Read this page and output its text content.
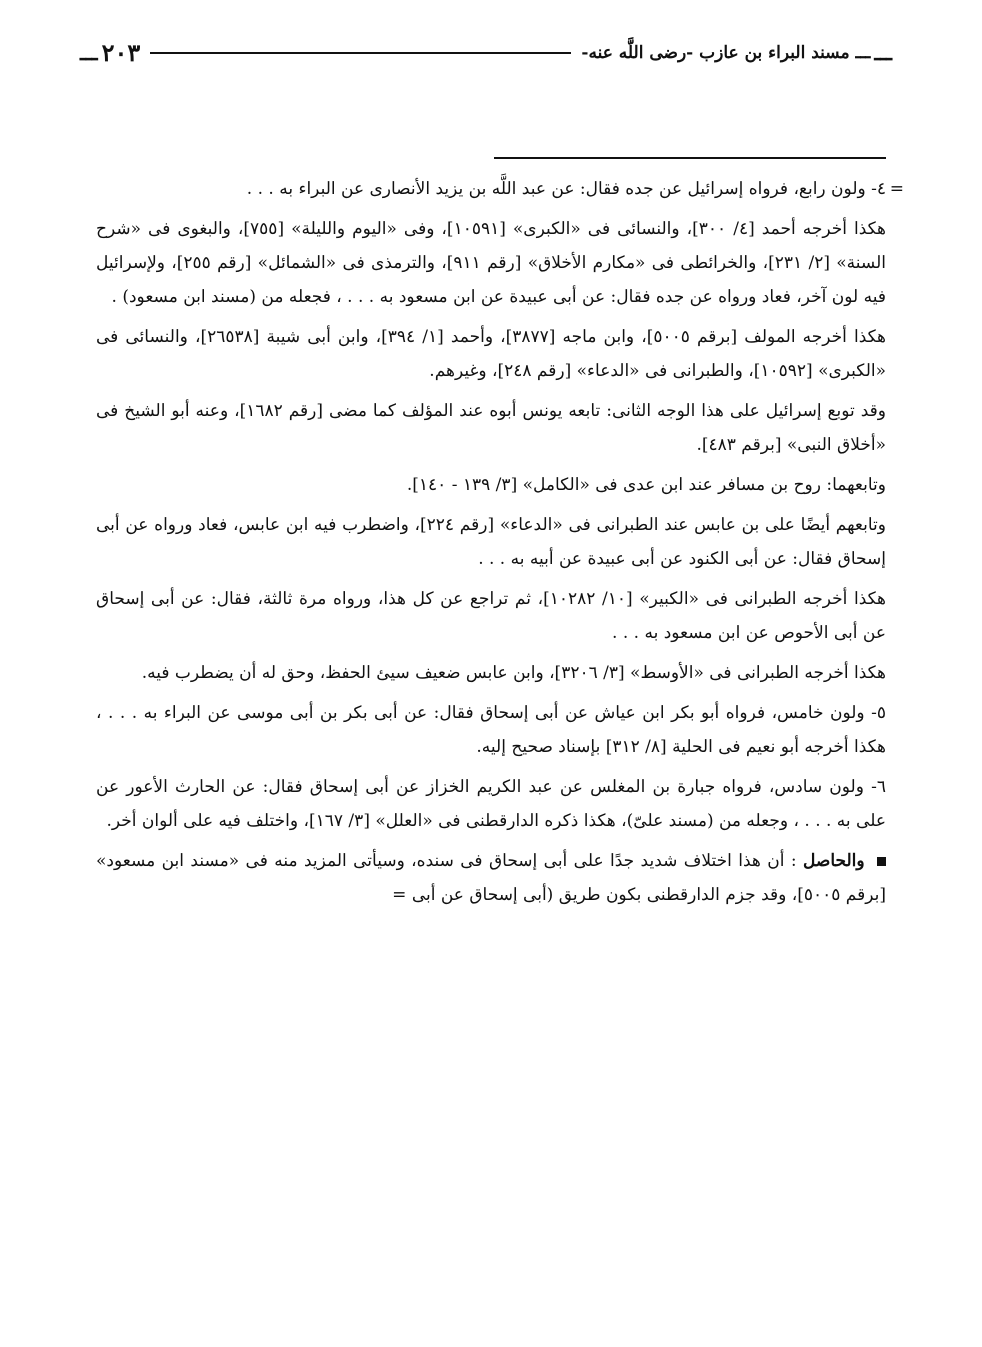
ـــ
ـــ مسند البراء بن عازب -رضى اللَّه عنه-
٢٠٣
ـــ
=

٤- ولون رابع، فرواه إسرائيل عن جده فقال: عن عبد اللَّه بن يزيد الأنصارى عن البراء به . . .

هكذا أخرجه أحمد [٤/ ٣٠٠]، والنسائى فى «الكبرى» [١٠٥٩١]، وفى «اليوم والليلة» [٧٥٥]، والبغوى فى «شرح السنة» [٢/ ٢٣١]، والخرائطى فى «مكارم الأخلاق» [رقم ٩١١]، والترمذى فى «الشمائل» [رقم ٢٥٥]، ولإسرائيل فيه لون آخر، فعاد ورواه عن جده فقال: عن أبى عبيدة عن ابن مسعود به . . . ، فجعله من (مسند ابن مسعود) .

هكذا أخرجه المولف [برقم ٥٠٠٥]، وابن ماجه [٣٨٧٧]، وأحمد [١/ ٣٩٤]، وابن أبى شيبة [٢٦٥٣٨]، والنسائى فى «الكبرى» [١٠٥٩٢]، والطبرانى فى «الدعاء» [رقم ٢٤٨]، وغيرهم.

وقد توبع إسرائيل على هذا الوجه الثانى: تابعه يونس أبوه عند المؤلف كما مضى [رقم ١٦٨٢]، وعنه أبو الشيخ فى «أخلاق النبى» [برقم ٤٨٣].

وتابعهما: روح بن مسافر عند ابن عدى فى «الكامل» [٣/ ١٣٩ - ١٤٠].

وتابعهم أيضًا على بن عابس عند الطبرانى فى «الدعاء» [رقم ٢٢٤]، واضطرب فيه ابن عابس، فعاد ورواه عن أبى إسحاق فقال: عن أبى الكنود عن أبى عبيدة عن أبيه به . . .

هكذا أخرجه الطبرانى فى «الكبير» [١٠/ ١٠٢٨٢]، ثم تراجع عن كل هذا، ورواه مرة ثالثة، فقال: عن أبى إسحاق عن أبى الأحوص عن ابن مسعود به . . .

هكذا أخرجه الطبرانى فى «الأوسط» [٣/ ٣٢٠٦]، وابن عابس ضعيف سيئ الحفظ، وحق له أن يضطرب فيه.

٥- ولون خامس، فرواه أبو بكر ابن عياش عن أبى إسحاق فقال: عن أبى بكر بن أبى موسى عن البراء به . . . ، هكذا أخرجه أبو نعيم فى الحلية [٨/ ٣١٢] بإسناد صحيح إليه.

٦- ولون سادس، فرواه جبارة بن المغلس عن عبد الكريم الخزاز عن أبى إسحاق فقال: عن الحارث الأعور عن على به . . . ، وجعله من (مسند علىّ)، هكذا ذكره الدارقطنى فى «العلل» [٣/ ١٦٧]، واختلف فيه على ألوان أخر.

والحاصل : أن هذا اختلاف شديد جدًا على أبى إسحاق فى سنده، وسيأتى المزيد منه فى «مسند ابن مسعود» [برقم ٥٠٠٥]، وقد جزم الدارقطنى بكون طريق (أبى إسحاق عن أبى =
